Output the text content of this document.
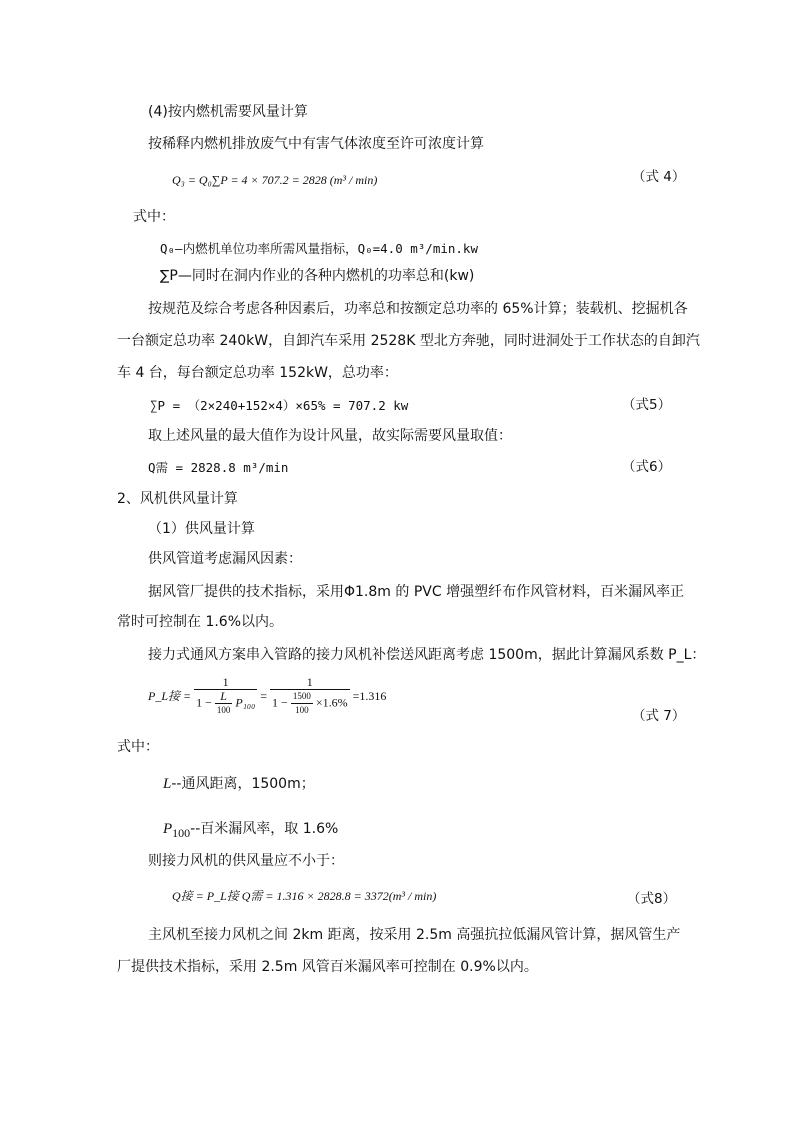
(4)按内燃机需要风量计算
按稀释内燃机排放废气中有害气体浓度至许可浓度计算
Q₃ = Q₀∑P = 4 × 707.2 = 2828 (m³ / min)	（式 4）
式中：
Q₀—内燃机单位功率所需风量指标，Q₀=4.0 m³/min.kw
∑P—同时在洞内作业的各种内燃机的功率总和(kw)
按规范及综合考虑各种因素后，功率总和按额定总功率的 65%计算；装载机、挖掘机各
一台额定总功率 240kW，自卸汽车采用 2528K 型北方奔驰，同时进洞处于工作状态的自卸汽
车 4 台，每台额定总功率 152kW，总功率：
∑P = （2×240+152×4）×65% = 707.2 kw	（式5）
取上述风量的最大值作为设计风量，故实际需要风量取值：
Q需 = 2828.8 m³/min	（式6）
2、风机供风量计算
（1）供风量计算
供风管道考虑漏风因素：
据风管厂提供的技术指标，采用Φ1.8m 的 PVC 增强塑纤布作风管材料，百米漏风率正
常时可控制在 1.6%以内。
接力式通风方案串入管路的接力风机补偿送风距离考虑 1500m，据此计算漏风系数 P_L：
P_L接 = $\frac{1}{1 - \frac{L}{100} P_{100}}$ =
1
$1 - \frac{1500}{100} \times 1.6\% =1.316$
（式 7）
式中：
L--通风距离，1500m；
$P_{100}--$百米漏风率，取 1.6%
则接力风机的供风量应不小于：
Q接 = P_L接 Q需 = 1.316 × 2828.8 = 3372(m³ / min)	（式8）
主风机至接力风机之间 2km 距离，按采用 2.5m 高强抗拉低漏风管计算，据风管生产
厂提供技术指标，采用 2.5m 风管百米漏风率可控制在 0.9%以内。
